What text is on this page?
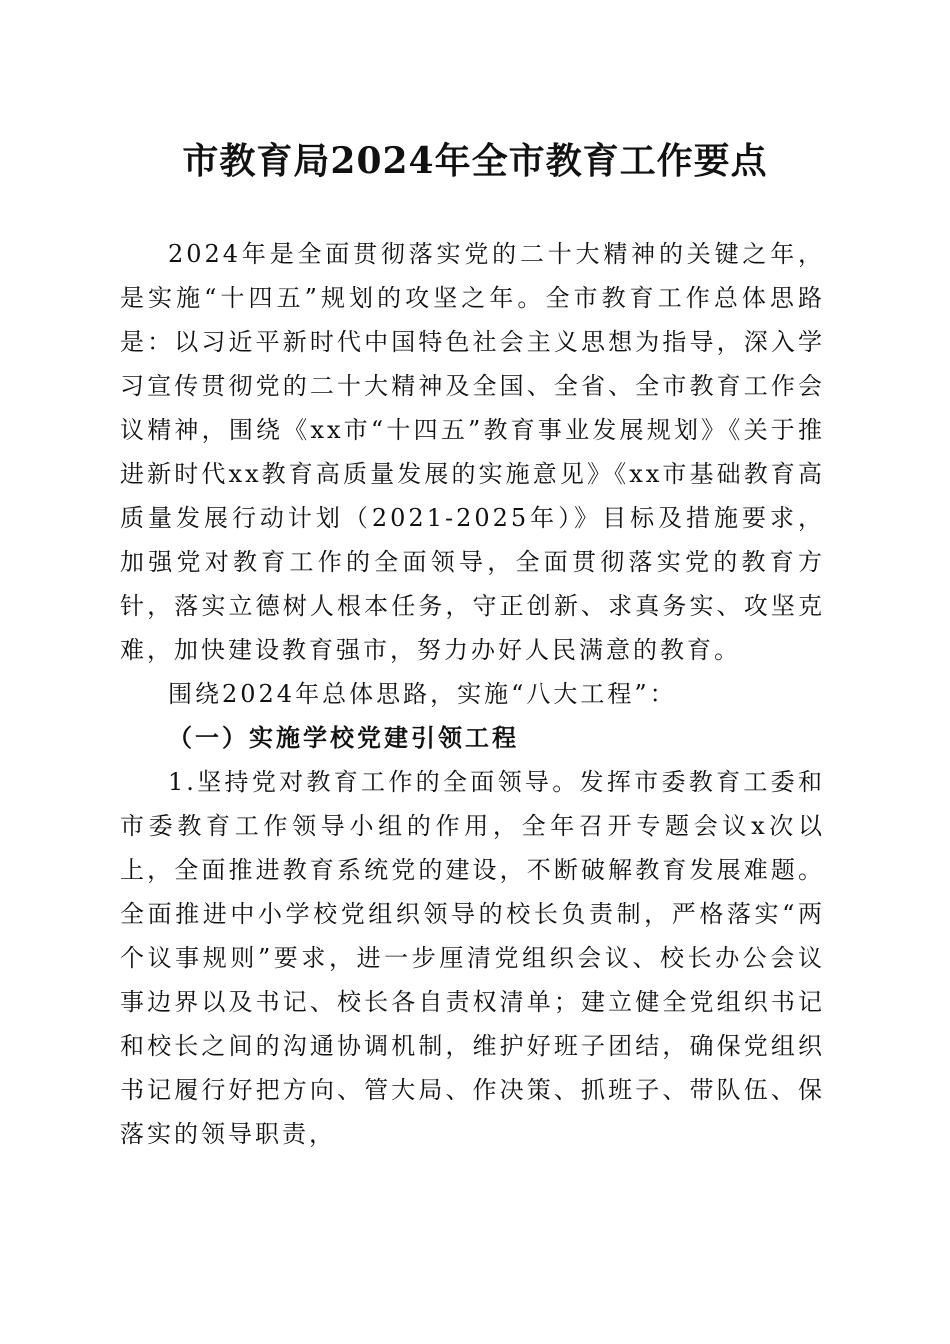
市教育局2024年全市教育工作要点

2024年是全面贯彻落实党的二十大精神的关键之年，是实施“十四五”规划的攻坚之年。全市教育工作总体思路是：以习近平新时代中国特色社会主义思想为指导，深入学习宣传贯彻党的二十大精神及全国、全省、全市教育工作会议精神，围绕《xx市“十四五”教育事业发展规划》《关于推进新时代xx教育高质量发展的实施意见》《xx市基础教育高质量发展行动计划（2021-2025年）》目标及措施要求，加强党对教育工作的全面领导，全面贯彻落实党的教育方针，落实立德树人根本任务，守正创新、求真务实、攻坚克难，加快建设教育强市，努力办好人民满意的教育。

围绕2024年总体思路，实施“八大工程”：

（一）实施学校党建引领工程

1.坚持党对教育工作的全面领导。发挥市委教育工委和市委教育工作领导小组的作用，全年召开专题会议x次以上，全面推进教育系统党的建设，不断破解教育发展难题。全面推进中小学校党组织领导的校长负责制，严格落实“两个议事规则”要求，进一步厘清党组织会议、校长办公会议事边界以及书记、校长各自责权清单；建立健全党组织书记和校长之间的沟通协调机制，维护好班子团结，确保党组织书记履行好把方向、管大局、作决策、抓班子、带队伍、保落实的领导职责，
